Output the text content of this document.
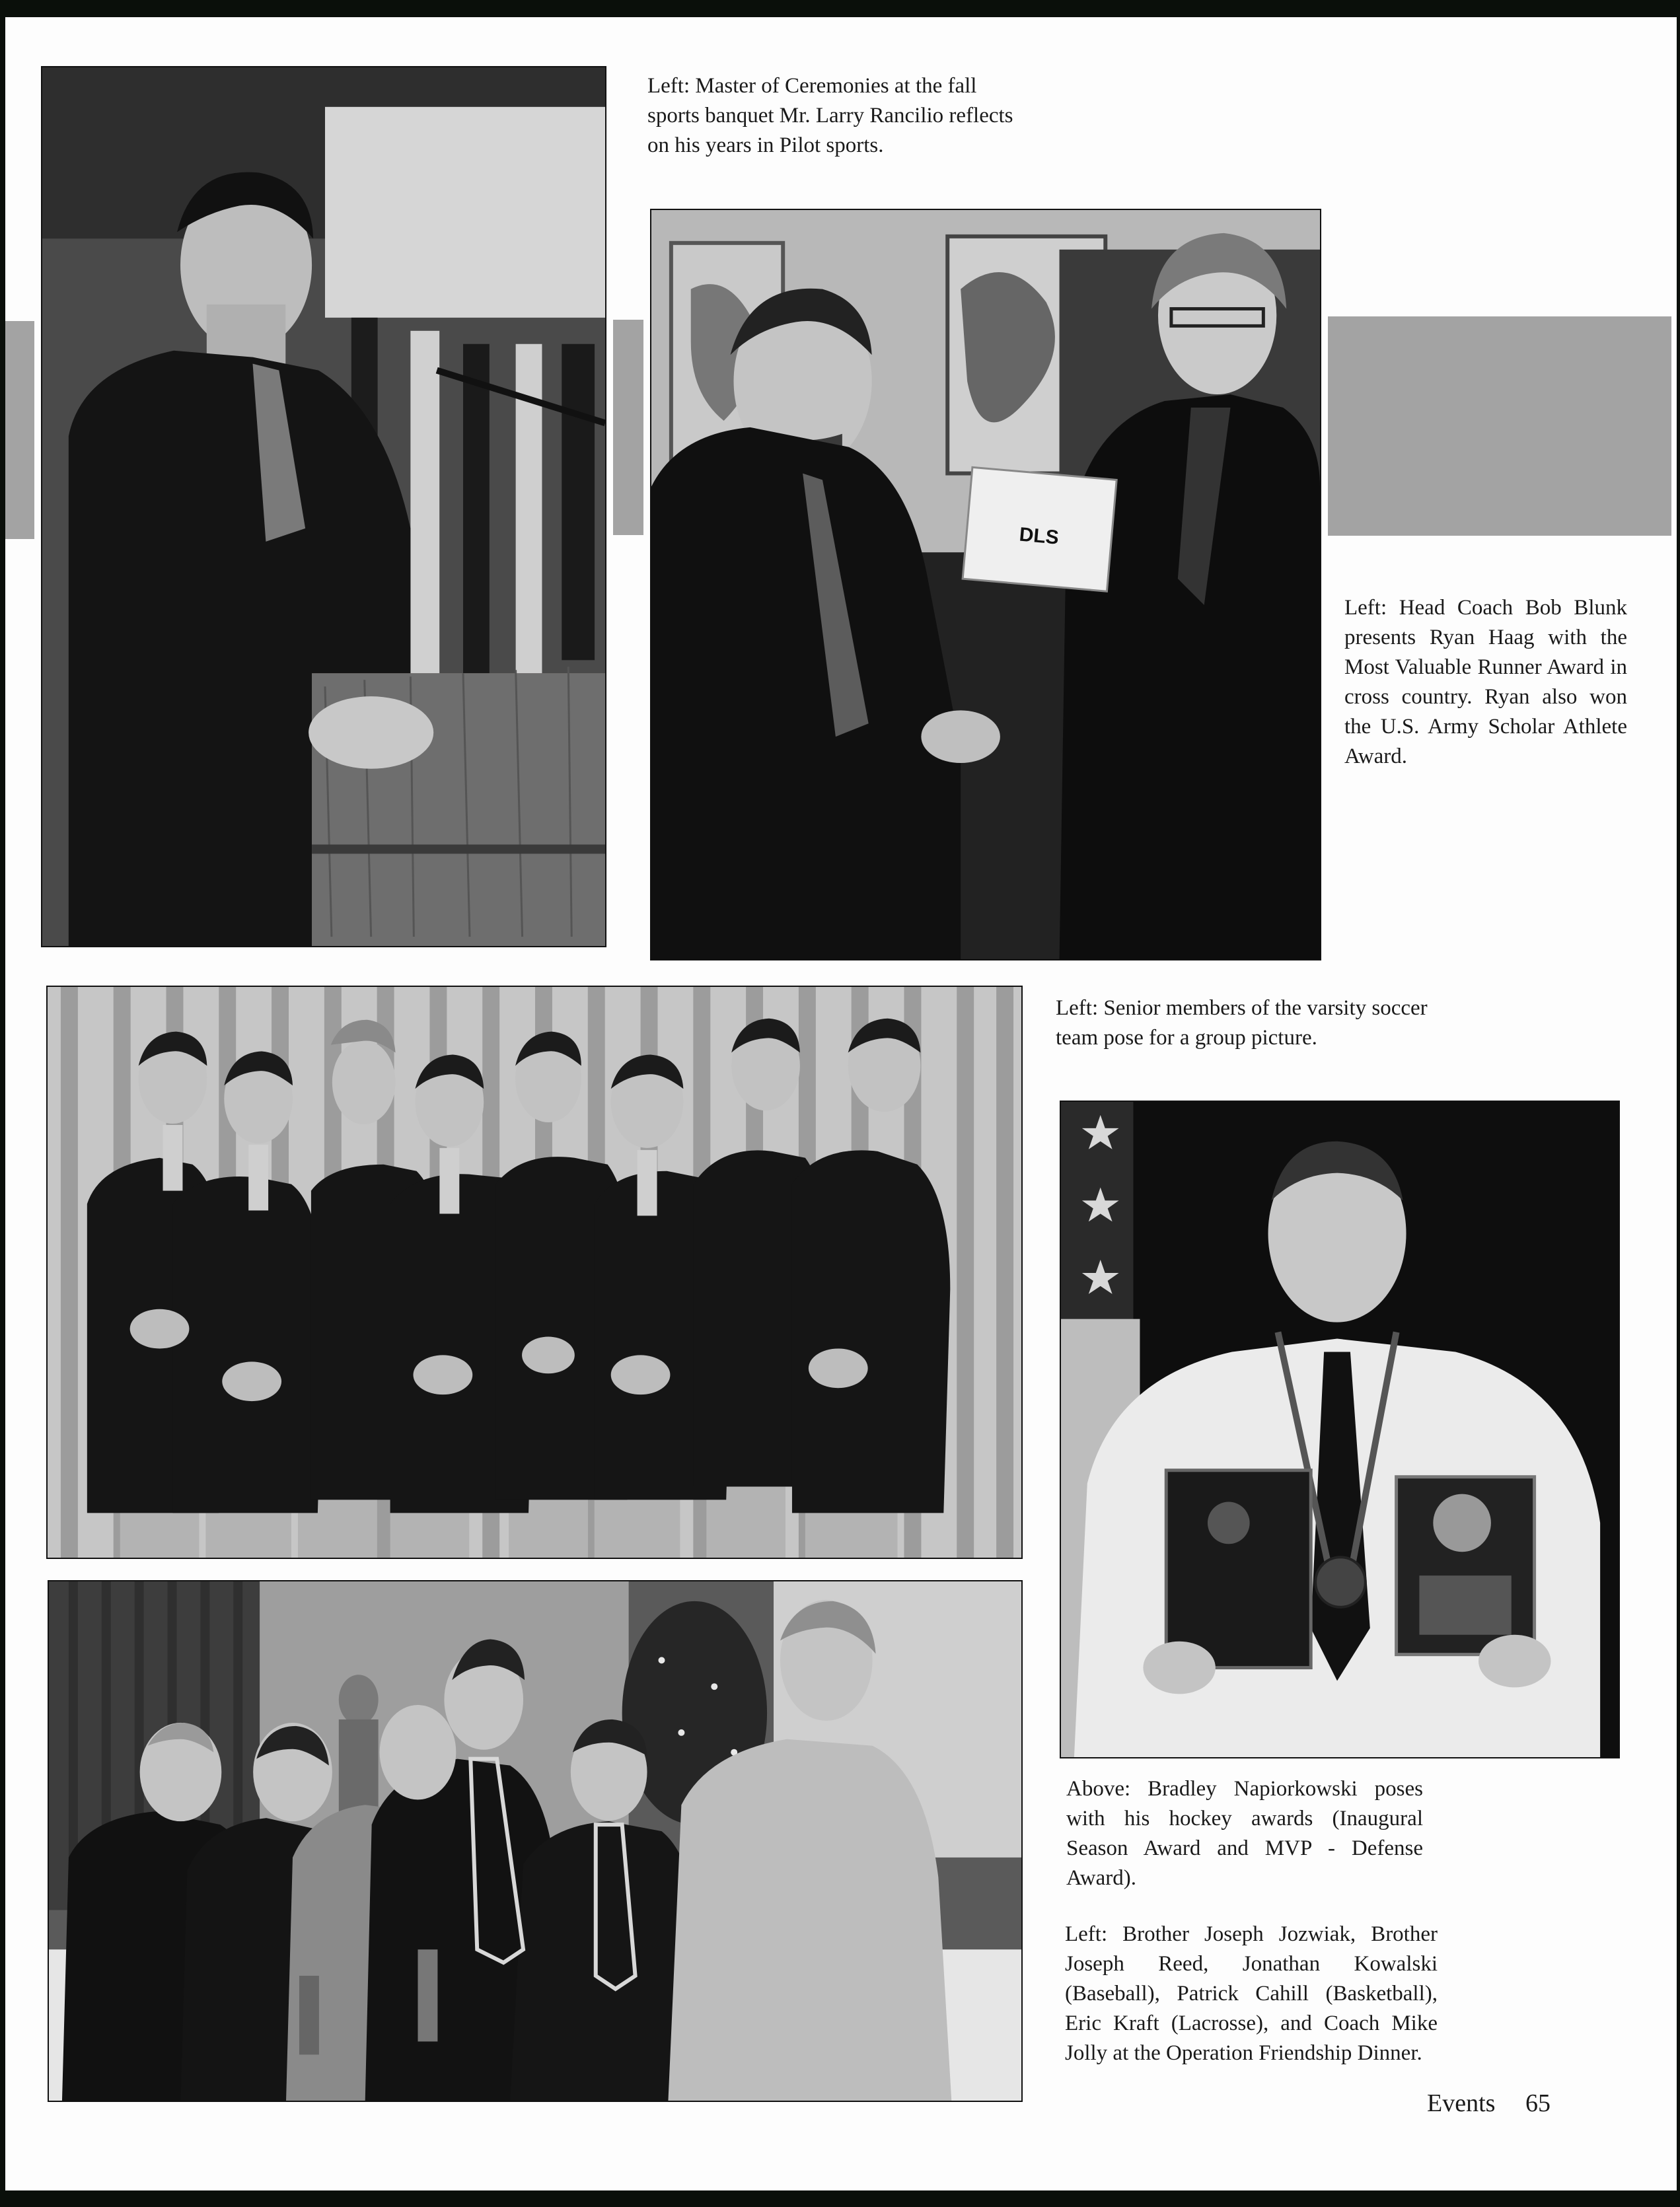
Left: Master of Ceremonies at the fall sports banquet Mr. Larry Rancilio reflects on his years in Pilot sports.
DLS
Left: Head Coach Bob Blunk presents Ryan Haag with the Most Valuable Runner Award in cross country. Ryan also won the U.S. Army Scholar Athlete Award.
Left: Senior members of the varsity soccer team pose for a group picture.
Above: Bradley Napiorkowski poses with his hockey awards (Inaugural Season Award and MVP - Defense Award).
Left: Brother Joseph Jozwiak, Brother Joseph Reed, Jonathan Kowalski (Baseball), Patrick Cahill (Basketball), Eric Kraft (Lacrosse), and Coach Mike Jolly at the Operation Friendship Dinner.
Events 65
